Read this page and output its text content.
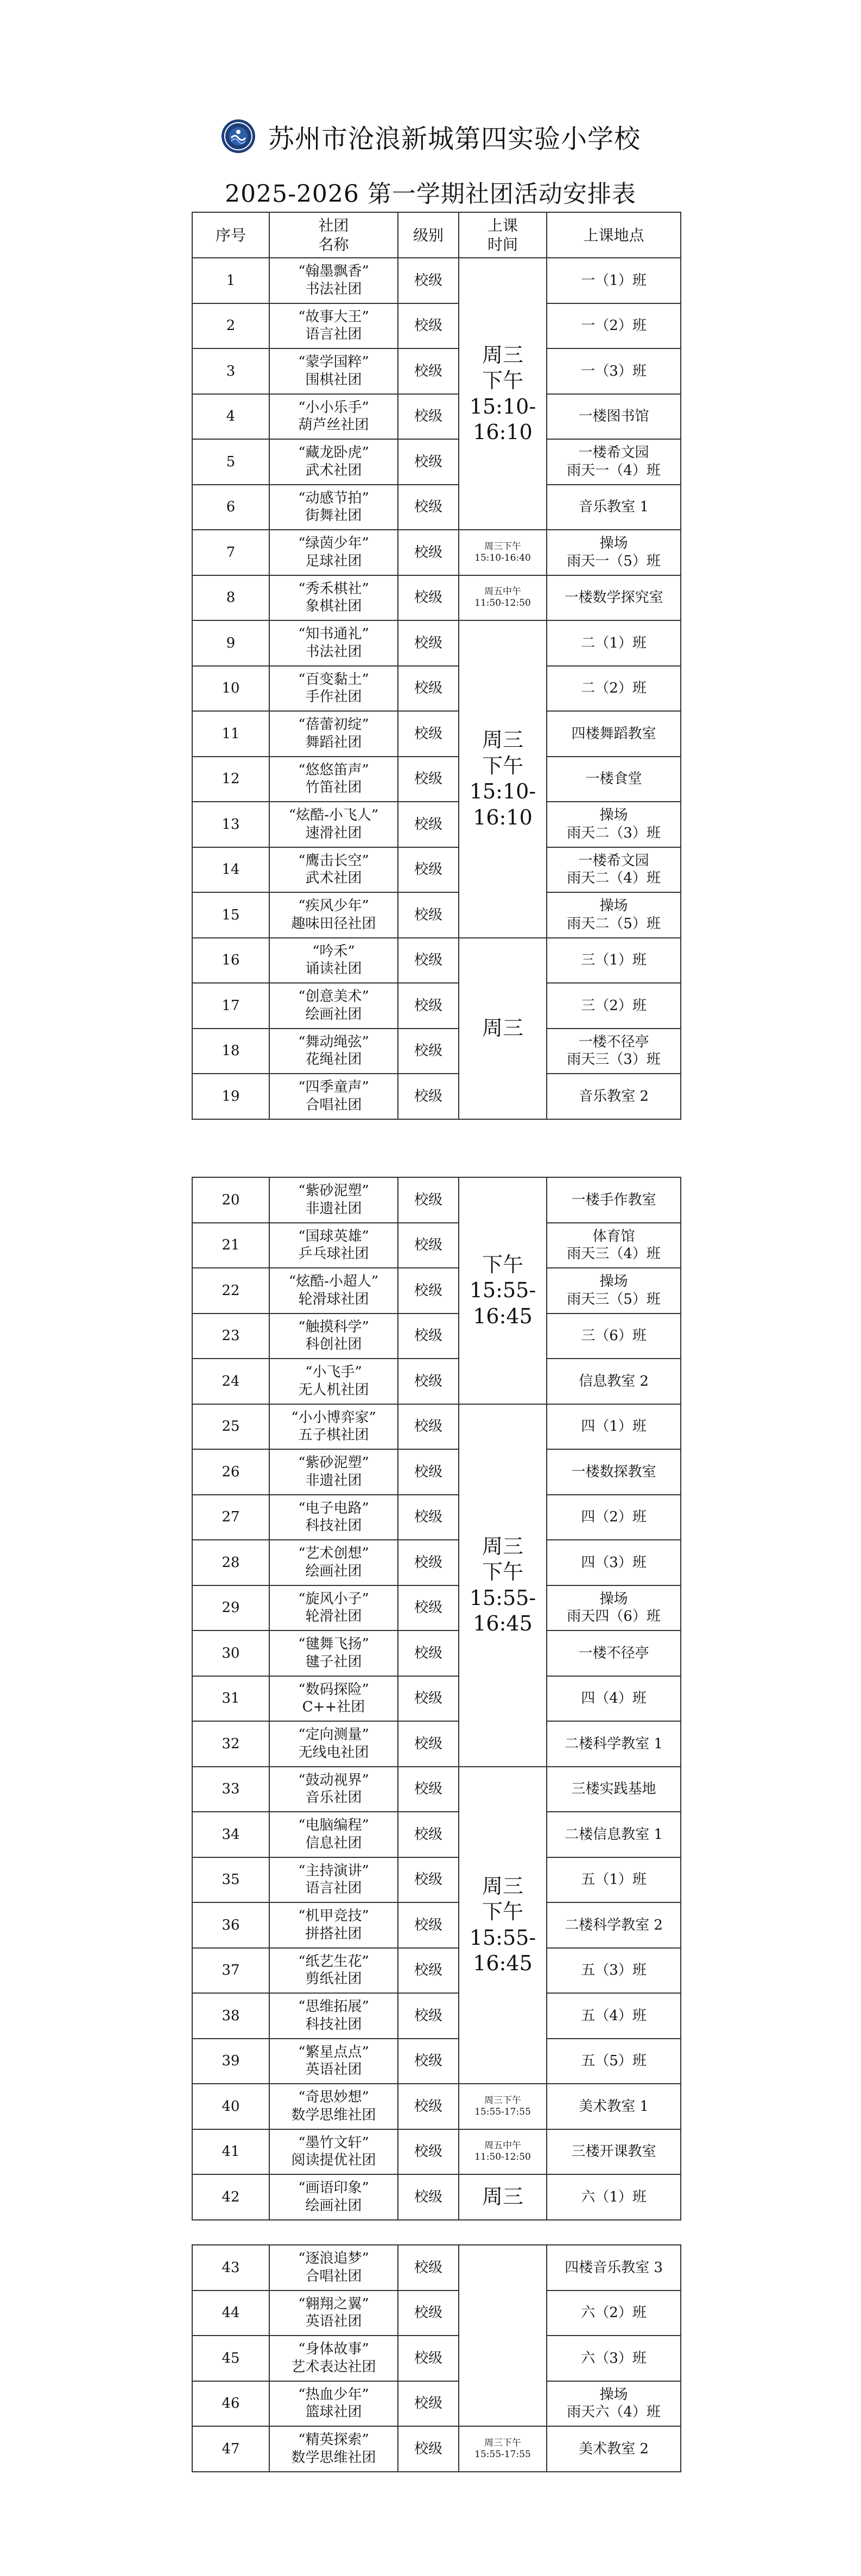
苏州市沧浪新城第四实验小学校
2025-2026 第一学期社团活动安排表
序号	社团
名称	级别	上课
时间	上课地点
1	“翰墨飘香”
书法社团	校级	周三
下午
15:10-
16:10	一（1）班

2	“故事大王”
语言社团	校级		一（2）班

3	“蒙学国粹”
围棋社团	校级		一（3）班

4	“小小乐手”
葫芦丝社团	校级		一楼图书馆

5	“藏龙卧虎”
武术社团	校级		一楼希文园
雨天一（4）班

6	“动感节拍”
街舞社团	校级		音乐教室 1

7	“绿茵少年”
足球社团	校级	周三下午
15:10-16:40	操场
雨天一（5）班

8	“秀禾棋社”
象棋社团	校级	周五中午
11:50-12:50	一楼数学探究室

9	“知书通礼”
书法社团	校级	周三
下午
15:10-
16:10	二（1）班

10	“百变黏土”
手作社团	校级		二（2）班

11	“蓓蕾初绽”
舞蹈社团	校级		四楼舞蹈教室

12	“悠悠笛声”
竹笛社团	校级		一楼食堂

13	“炫酷-小飞人”
速滑社团	校级		操场
雨天二（3）班

14	“鹰击长空”
武术社团	校级		一楼希文园
雨天二（4）班

15	“疾风少年”
趣味田径社团	校级		操场
雨天二（5）班

16	“吟禾”
诵读社团	校级	周三	三（1）班

17	“创意美术”
绘画社团	校级		三（2）班

18	“舞动绳弦”
花绳社团	校级		一楼不径亭
雨天三（3）班

19	“四季童声”
合唱社团	校级		音乐教室 2
20	“紫砂泥塑”
非遗社团	校级	下午
15:55-
16:45	一楼手作教室

21	“国球英雄”
乒乓球社团	校级		体育馆
雨天三（4）班

22	“炫酷-小超人”
轮滑球社团	校级		操场
雨天三（5）班

23	“触摸科学”
科创社团	校级		三（6）班

24	“小飞手”
无人机社团	校级		信息教室 2

25	“小小博弈家”
五子棋社团	校级	周三
下午
15:55-
16:45	四（1）班

26	“紫砂泥塑”
非遗社团	校级		一楼数探教室

27	“电子电路”
科技社团	校级		四（2）班

28	“艺术创想”
绘画社团	校级		四（3）班

29	“旋风小子”
轮滑社团	校级		操场
雨天四（6）班

30	“毽舞飞扬”
毽子社团	校级		一楼不径亭

31	“数码探险”
C++社团	校级		四（4）班

32	“定向测量”
无线电社团	校级		二楼科学教室 1

33	“鼓动视界”
音乐社团	校级	周三
下午
15:55-
16:45	三楼实践基地

34	“电脑编程”
信息社团	校级		二楼信息教室 1

35	“主持演讲”
语言社团	校级		五（1）班

36	“机甲竞技”
拼搭社团	校级		二楼科学教室 2

37	“纸艺生花”
剪纸社团	校级		五（3）班

38	“思维拓展”
科技社团	校级		五（4）班

39	“繁星点点”
英语社团	校级		五（5）班

40	“奇思妙想”
数学思维社团	校级	周三下午
15:55-17:55	美术教室 1

41	“墨竹文轩”
阅读提优社团	校级	周五中午
11:50-12:50	三楼开课教室

42	“画语印象”
绘画社团	校级	周三	六（1）班
43	“逐浪追梦”
合唱社团	校级		四楼音乐教室 3

44	“翱翔之翼”
英语社团	校级		六（2）班

45	“身体故事”
艺术表达社团	校级		六（3）班

46	“热血少年”
篮球社团	校级		操场
雨天六（4）班

47	“精英探索”
数学思维社团	校级	周三下午
15:55-17:55	美术教室 2
